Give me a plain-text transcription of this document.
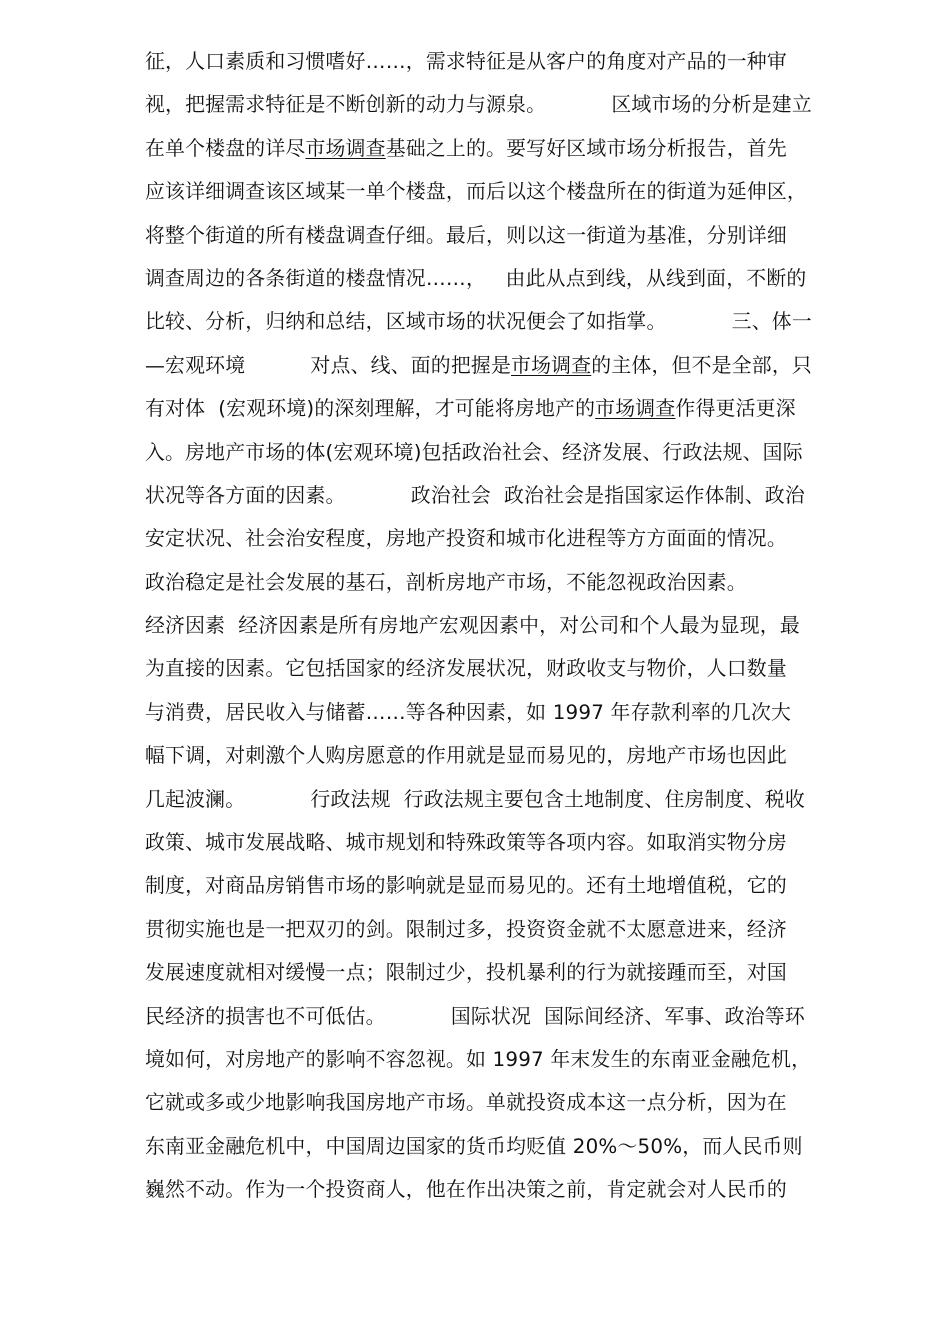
征，人口素质和习惯嗜好……，需求特征是从客户的角度对产品的一种审
视，把握需求特征是不断创新的动力与源泉。          区域市场的分析是建立
在单个楼盘的详尽市场调查基础之上的。要写好区域市场分析报告，首先
应该详细调查该区域某一单个楼盘，而后以这个楼盘所在的街道为延伸区，
将整个街道的所有楼盘调查仔细。最后，则以这一街道为基准，分别详细
调查周边的各条街道的楼盘情况……，   由此从点到线，从线到面，不断的
比较、分析，归纳和总结，区域市场的状况便会了如指掌。          三、体一
—宏观环境          对点、线、面的把握是市场调查的主体，但不是全部，只
有对体  (宏观环境)的深刻理解，才可能将房地产的市场调查作得更活更深
入。房地产市场的体(宏观环境)包括政治社会、经济发展、行政法规、国际
状况等各方面的因素。          政治社会  政治社会是指国家运作体制、政治
安定状况、社会治安程度，房地产投资和城市化进程等方方面面的情况。
政治稳定是社会发展的基石，剖析房地产市场，不能忽视政治因素。
经济因素  经济因素是所有房地产宏观因素中，对公司和个人最为显现，最
为直接的因素。它包括国家的经济发展状况，财政收支与物价，人口数量
与消费，居民收入与储蓄……等各种因素，如 1997 年存款利率的几次大
幅下调，对刺激个人购房愿意的作用就是显而易见的，房地产市场也因此
几起波澜。          行政法规  行政法规主要包含土地制度、住房制度、税收
政策、城市发展战略、城市规划和特殊政策等各项内容。如取消实物分房
制度，对商品房销售市场的影响就是显而易见的。还有土地增值税，它的
贯彻实施也是一把双刃的剑。限制过多，投资资金就不太愿意进来，经济
发展速度就相对缓慢一点；限制过少，投机暴利的行为就接踵而至，对国
民经济的损害也不可低估。          国际状况  国际间经济、军事、政治等环
境如何，对房地产的影响不容忽视。如 1997 年末发生的东南亚金融危机，
它就或多或少地影响我国房地产市场。单就投资成本这一点分析，因为在
东南亚金融危机中，中国周边国家的货币均贬值 20%～50%，而人民币则
巍然不动。作为一个投资商人，他在作出决策之前，肯定就会对人民币的
